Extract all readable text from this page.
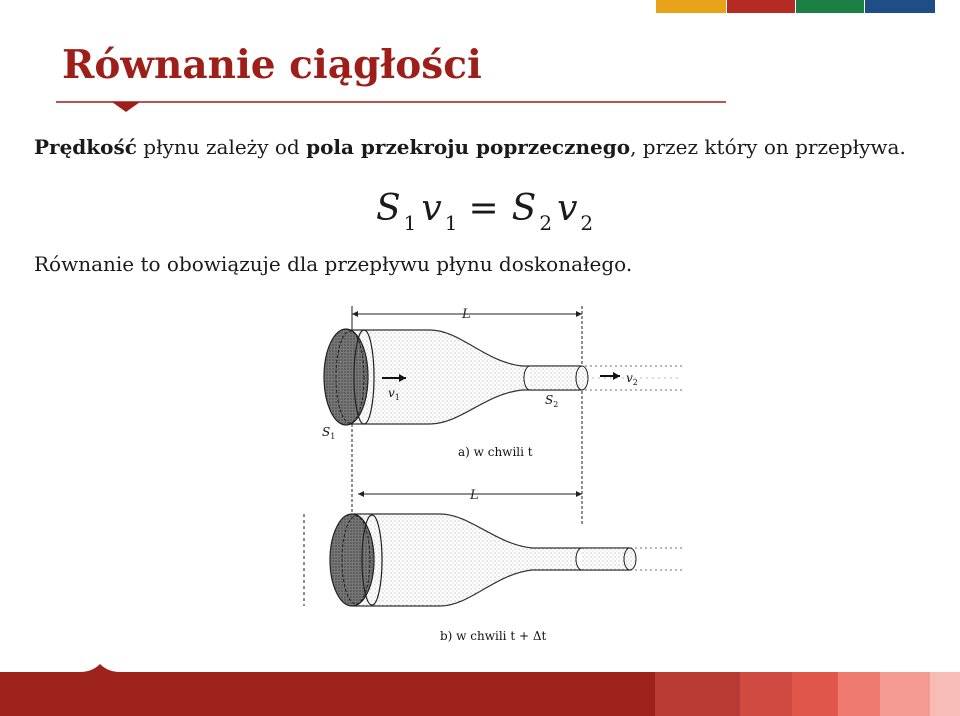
Równanie ciągłości
Prędkość płynu zależy od pola przekroju poprzecznego, przez który on przepływa.
S $_1$ v $_1$ = S $_2$ v $_2$
Równanie to obowiązuje dla przepływu płynu doskonałego.
L
$v_1$	$S_2$
$v_2$
$S_1$
a) w chwili t
L
b) w chwili t + Δt
